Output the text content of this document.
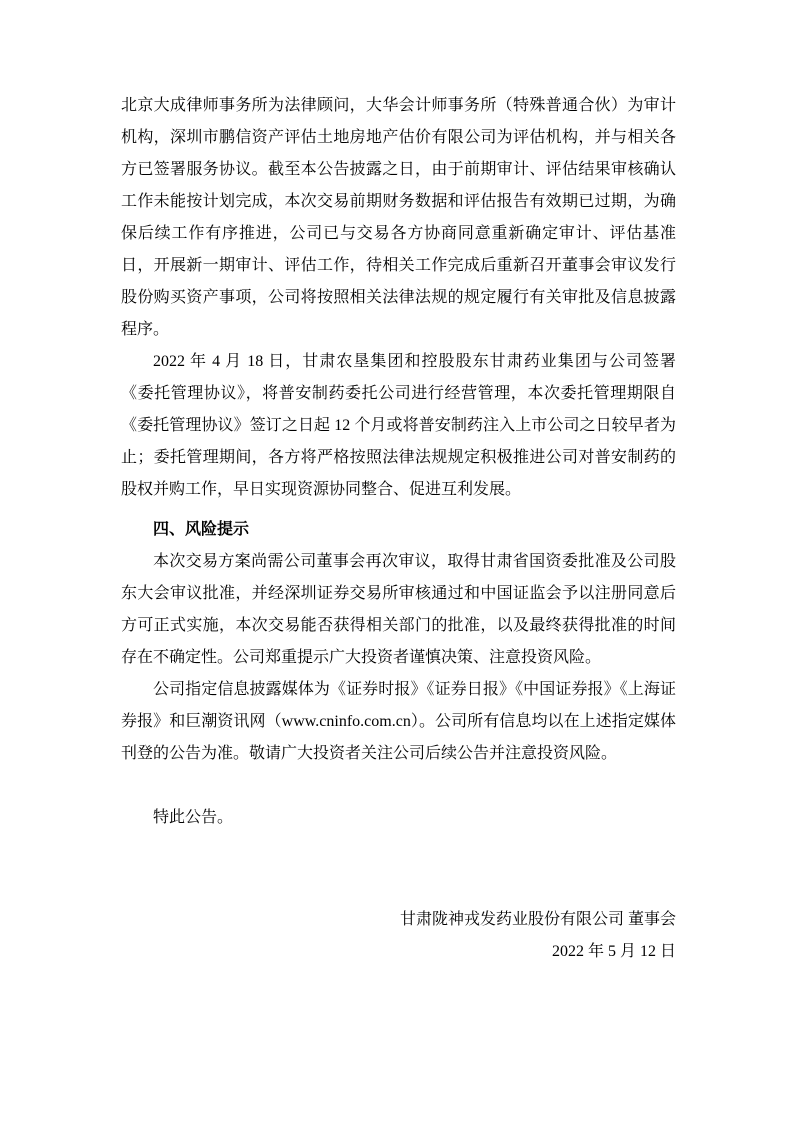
北京大成律师事务所为法律顾问，大华会计师事务所（特殊普通合伙）为审计机构，深圳市鹏信资产评估土地房地产估价有限公司为评估机构，并与相关各方已签署服务协议。截至本公告披露之日，由于前期审计、评估结果审核确认工作未能按计划完成，本次交易前期财务数据和评估报告有效期已过期，为确保后续工作有序推进，公司已与交易各方协商同意重新确定审计、评估基准日，开展新一期审计、评估工作，待相关工作完成后重新召开董事会审议发行股份购买资产事项，公司将按照相关法律法规的规定履行有关审批及信息披露程序。

2022 年 4 月 18 日，甘肃农垦集团和控股股东甘肃药业集团与公司签署《委托管理协议》，将普安制药委托公司进行经营管理，本次委托管理期限自《委托管理协议》签订之日起 12 个月或将普安制药注入上市公司之日较早者为止；委托管理期间，各方将严格按照法律法规规定积极推进公司对普安制药的股权并购工作，早日实现资源协同整合、促进互利发展。

四、风险提示

本次交易方案尚需公司董事会再次审议，取得甘肃省国资委批准及公司股东大会审议批准，并经深圳证券交易所审核通过和中国证监会予以注册同意后方可正式实施，本次交易能否获得相关部门的批准，以及最终获得批准的时间存在不确定性。公司郑重提示广大投资者谨慎决策、注意投资风险。

公司指定信息披露媒体为《证券时报》《证券日报》《中国证券报》《上海证券报》和巨潮资讯网（www.cninfo.com.cn）。公司所有信息均以在上述指定媒体刊登的公告为准。敬请广大投资者关注公司后续公告并注意投资风险。

特此公告。

甘肃陇神戎发药业股份有限公司 董事会

2022 年 5 月 12 日
